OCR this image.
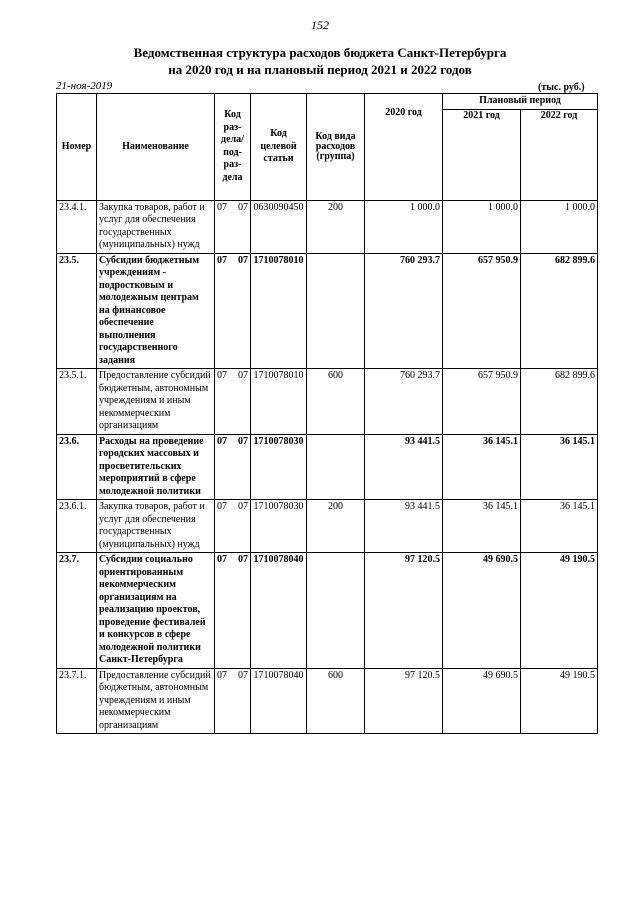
152
Ведомственная структура расходов бюджета Санкт-Петербурга
на 2020 год и на плановый период 2021 и 2022 годов
21-ноя-2019	(тыс. руб.)
Номер	Наименование	Код раз-дела/ под-раз-дела	Код целевой статьи	Код вида расходов (группа)	2020 год	Плановый период	
						2021 год	2022 год
23.4.1.	Закупка товаров, работ и услуг для обеспечения государственных (муниципальных) нужд	07 07	0630090450	200	1 000.0	1 000.0	1 000.0
23.5.	Субсидии бюджетным учреждениям - подростковым и молодежным центрам на финансовое обеспечение выполнения государственного задания	07 07	1710078010		760 293.7	657 950.9	682 899.6
23.5.1.	Предоставление субсидий бюджетным, автономным учреждениям и иным некоммерческим организациям	07 07	1710078010	600	760 293.7	657 950.9	682 899.6
23.6.	Расходы на проведение городских массовых и просветительских мероприятий в сфере молодежной политики	07 07	1710078030		93 441.5	36 145.1	36 145.1
23.6.1.	Закупка товаров, работ и услуг для обеспечения государственных (муниципальных) нужд	07 07	1710078030	200	93 441.5	36 145.1	36 145.1
23.7.	Субсидии социально ориентированным некоммерческим организациям на реализацию проектов, проведение фестивалей и конкурсов в сфере молодежной политики Санкт-Петербурга	07 07	1710078040		97 120.5	49 690.5	49 190.5
23.7.1.	Предоставление субсидий бюджетным, автономным учреждениям и иным некоммерческим организациям	07 07	1710078040	600	97 120.5	49 690.5	49 190.5
